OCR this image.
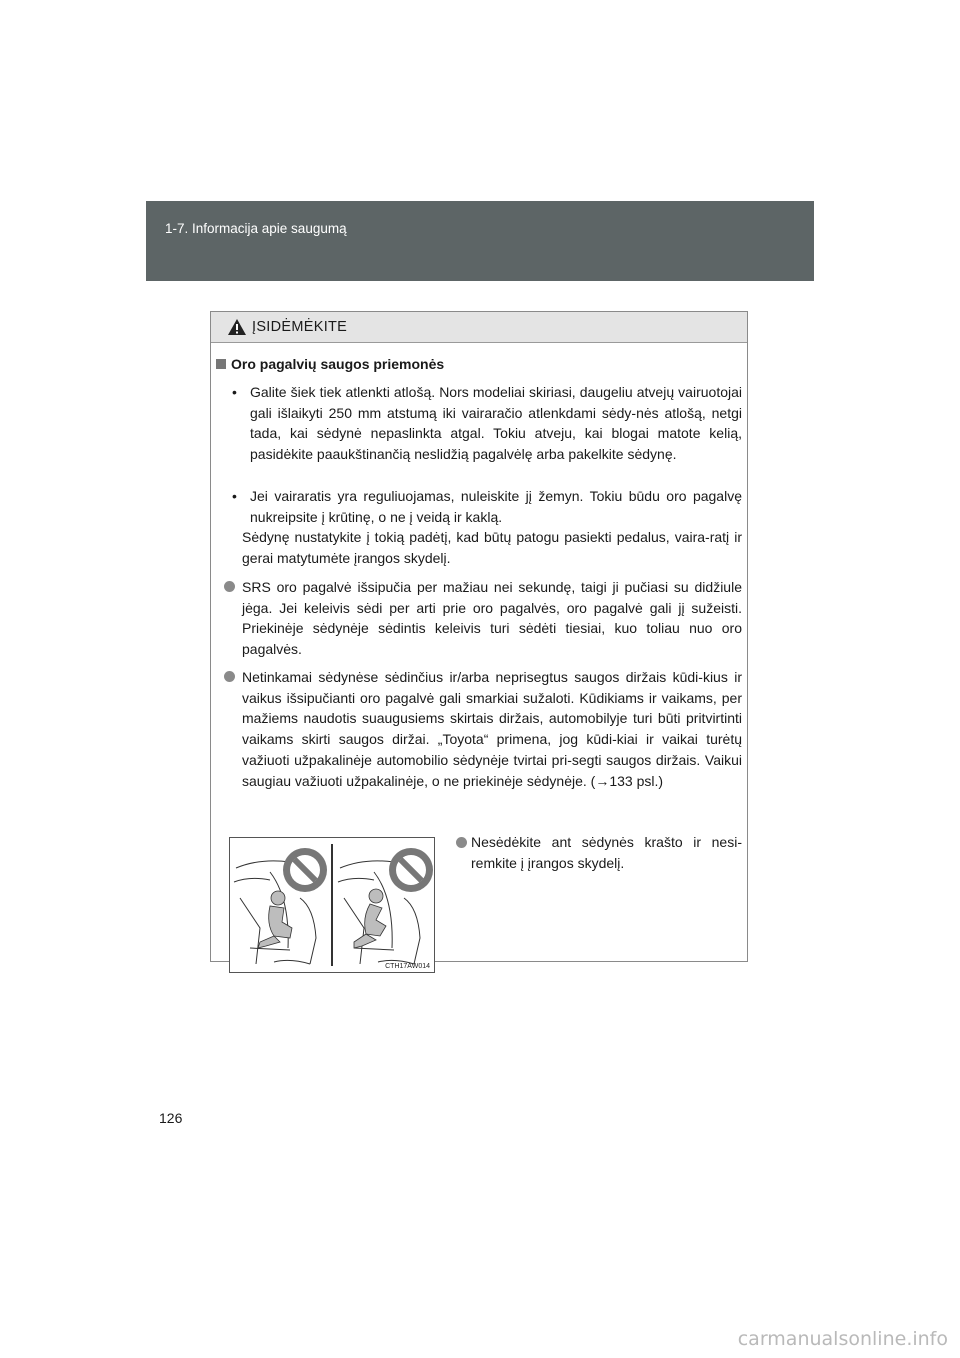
1-7. Informacija apie saugumą
ĮSIDĖMĖKITE
Oro pagalvių saugos priemonės
• Galite šiek tiek atlenkti atlošą. Nors modeliai skiriasi, daugeliu atvejų vairuotojai gali išlaikyti 250 mm atstumą iki vairaračio atlenkdami sėdy-nės atlošą, netgi tada, kai sėdynė nepaslinkta atgal. Tokiu atveju, kai blogai matote kelią, pasidėkite paaukštinančią neslidžią pagalvėlę arba pakelkite sėdynę.
• Jei vairaratis yra reguliuojamas, nuleiskite jį žemyn. Tokiu būdu oro pagalvę nukreipsite į krūtinę, o ne į veidą ir kaklą.
Sėdynę nustatykite į tokią padėtį, kad būtų patogu pasiekti pedalus, vaira-ratį ir gerai matytumėte įrangos skydelį.
SRS oro pagalvė išsipučia per mažiau nei sekundę, taigi ji pučiasi su didžiule jėga. Jei keleivis sėdi per arti prie oro pagalvės, oro pagalvė gali jį sužeisti. Priekinėje sėdynėje sėdintis keleivis turi sėdėti tiesiai, kuo toliau nuo oro pagalvės.
Netinkamai sėdynėse sėdinčius ir/arba neprisegtus saugos diržais kūdi-kius ir vaikus išsipučianti oro pagalvė gali smarkiai sužaloti. Kūdikiams ir vaikams, per mažiems naudotis suaugusiems skirtais diržais, automobilyje turi būti pritvirtinti vaikams skirti saugos diržai. „Toyota“ primena, jog kūdi-kiai ir vaikai turėtų važiuoti užpakalinėje automobilio sėdynėje tvirtai pri-segti saugos diržais. Vaikui saugiau važiuoti užpakalinėje, o ne priekinėje sėdynėje. (→133 psl.)
CTH17AW014
Nesėdėkite ant sėdynės krašto ir nesi-remkite į įrangos skydelį.
126
carmanualsonline.info
